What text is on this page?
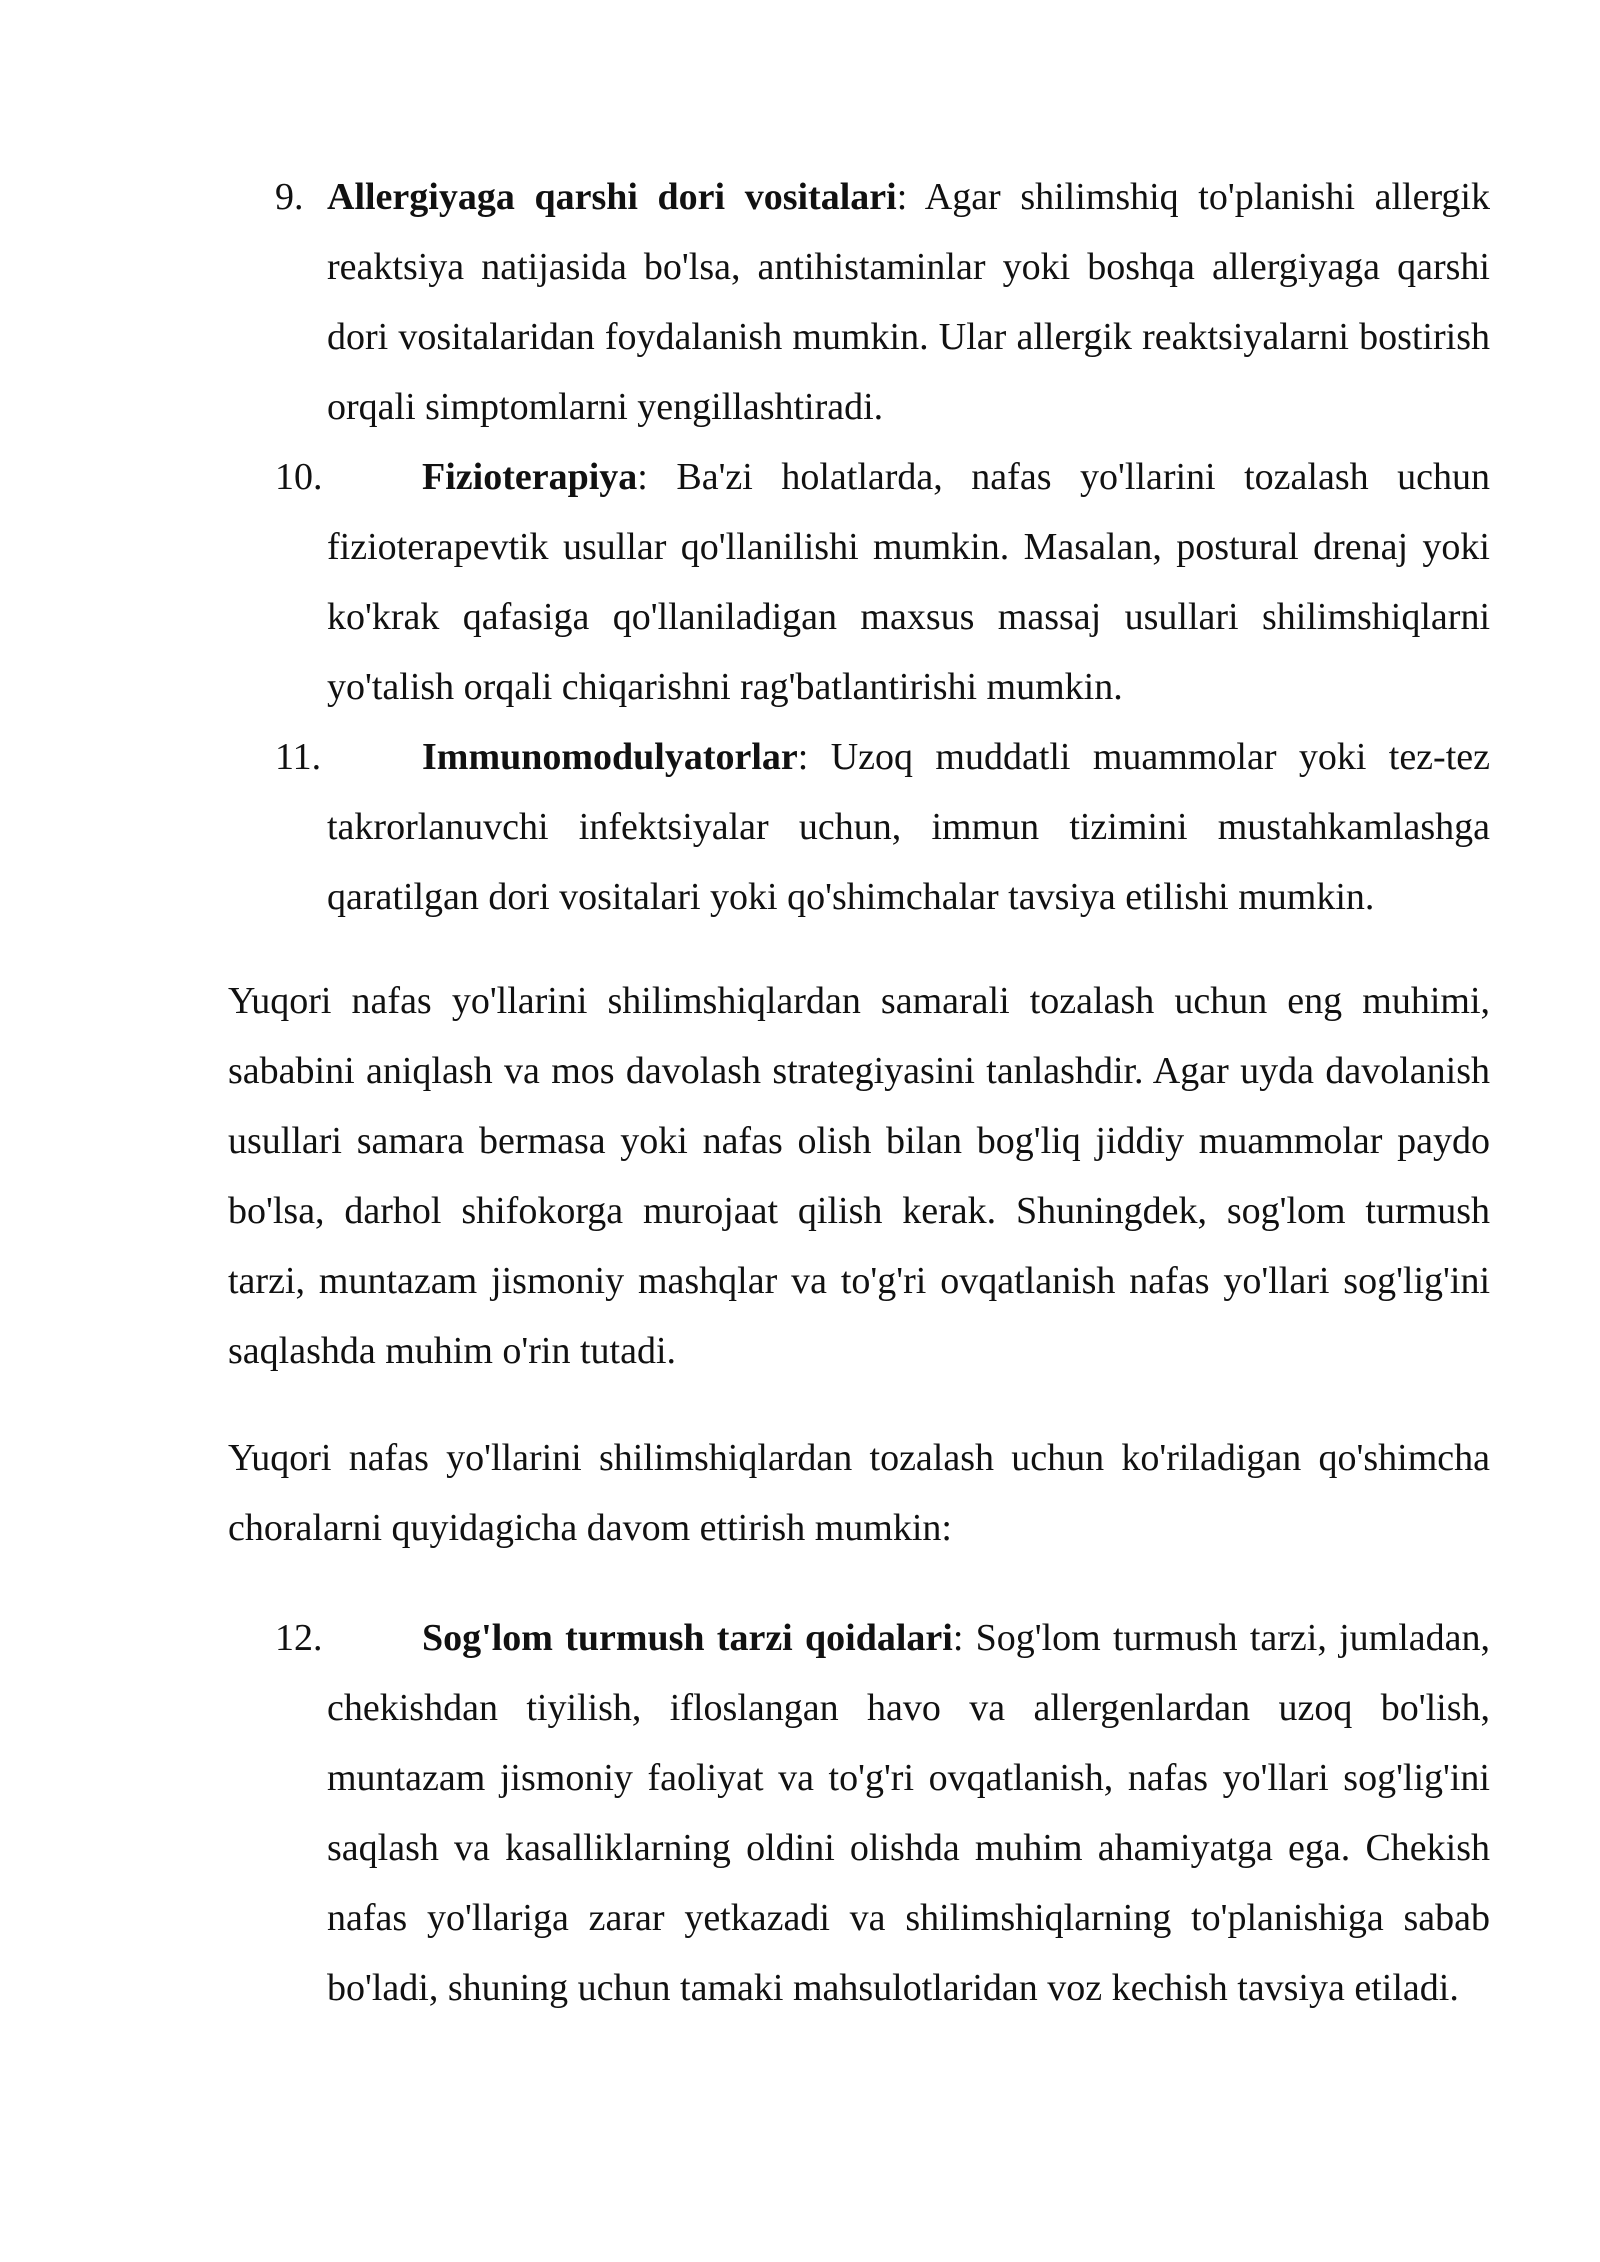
9. Allergiyaga qarshi dori vositalari: Agar shilimshiq to'planishi allergik reaktsiya natijasida bo'lsa, antihistaminlar yoki boshqa allergiyaga qarshi dori vositalaridan foydalanish mumkin. Ular allergik reaktsiyalarni bostirish orqali simptomlarni yengillashtiradi.
10.	Fizioterapiya: Ba'zi holatlarda, nafas yo'llarini tozalash uchun fizioterapevtik usullar qo'llanilishi mumkin. Masalan, postural drenaj yoki ko'krak qafasiga qo'llaniladigan maxsus massaj usullari shilimshiqlarni yo'talish orqali chiqarishni rag'batlantirishi mumkin.
11.	Immunomodulyatorlar: Uzoq muddatli muammolar yoki tez-tez takrorlanuvchi infektsiyalar uchun, immun tizimini mustahkamlashga qaratilgan dori vositalari yoki qo'shimchalar tavsiya etilishi mumkin.

Yuqori nafas yo'llarini shilimshiqlardan samarali tozalash uchun eng muhimi, sababini aniqlash va mos davolash strategiyasini tanlashdir. Agar uyda davolanish usullari samara bermasa yoki nafas olish bilan bog'liq jiddiy muammolar paydo bo'lsa, darhol shifokorga murojaat qilish kerak. Shuningdek, sog'lom turmush tarzi, muntazam jismoniy mashqlar va to'g'ri ovqatlanish nafas yo'llari sog'lig'ini saqlashda muhim o'rin tutadi.

Yuqori nafas yo'llarini shilimshiqlardan tozalash uchun ko'riladigan qo'shimcha choralarni quyidagicha davom ettirish mumkin:

12.	Sog'lom turmush tarzi qoidalari: Sog'lom turmush tarzi, jumladan, chekishdan tiyilish, ifloslangan havo va allergenlardan uzoq bo'lish, muntazam jismoniy faoliyat va to'g'ri ovqatlanish, nafas yo'llari sog'lig'ini saqlash va kasalliklarning oldini olishda muhim ahamiyatga ega. Chekish nafas yo'llariga zarar yetkazadi va shilimshiqlarning to'planishiga sabab bo'ladi, shuning uchun tamaki mahsulotlaridan voz kechish tavsiya etiladi.
